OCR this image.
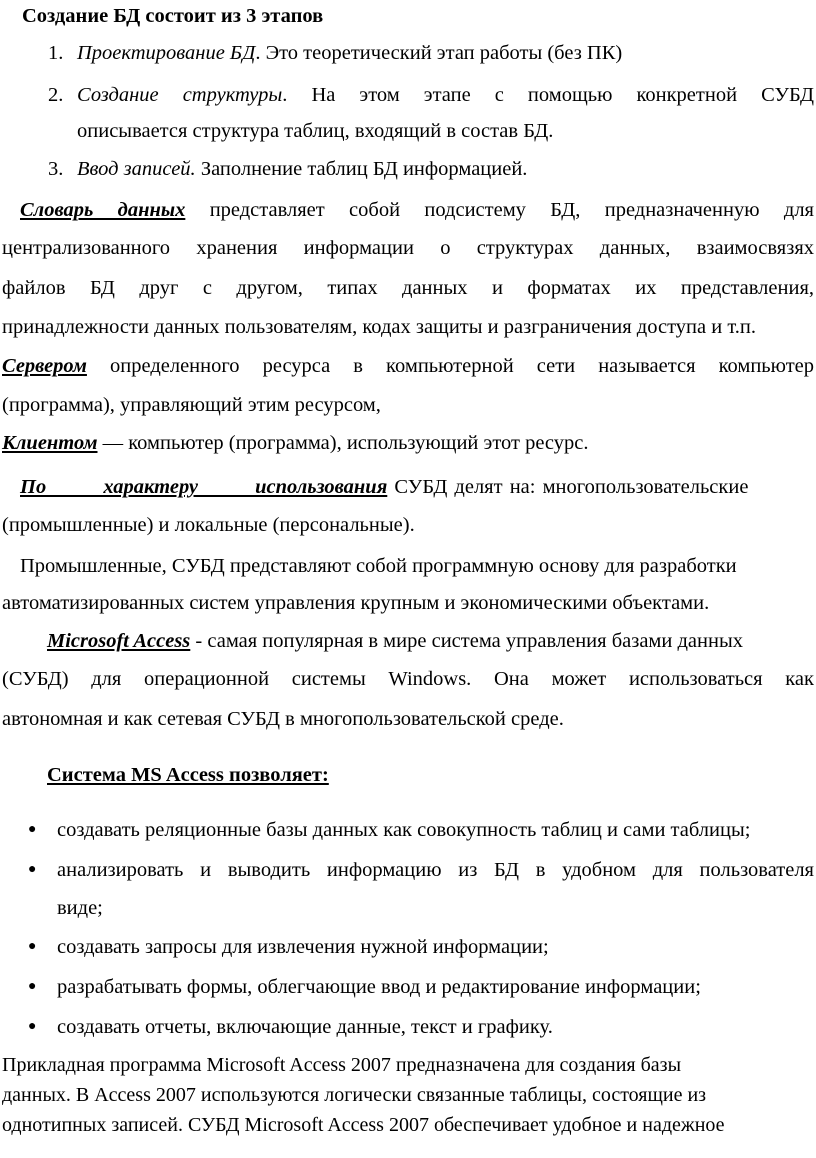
Создание БД состоит из 3 этапов
1. Проектирование БД. Это теоретический этап работы (без ПК)
2. Создание структуры. На этом этапе с помощью конкретной СУБД
описывается структура таблиц, входящий в состав БД.
3. Ввод записей. Заполнение таблиц БД информацией.
Словарь данных представляет собой подсистему БД, предназначенную для
централизованного хранения информации о структурах данных, взаимосвязях
файлов БД друг с другом, типах данных и форматах их представления,
принадлежности данных пользователям, кодах защиты и разграничения доступа и т.п.
Сервером определенного ресурса в компьютерной сети называется компьютер
(программа), управляющий этим ресурсом,
Клиентом — компьютер (программа), использующий этот ресурс.
По характеру использования СУБД делят на: многопользовательские
(промышленные) и локальные (персональные).
Промышленные, СУБД представляют собой программную основу для разработки
автоматизированных систем управления крупным и экономическими объектами.
Microsoft Access - самая популярная в мире система управления базами данных
(СУБД) для операционной системы Windows. Она может использоваться как
автономная и как сетевая СУБД в многопользовательской среде.
Система MS Access позволяет:
● создавать реляционные базы данных как совокупность таблиц и сами таблицы;
● анализировать и выводить информацию из БД в удобном для пользователя
виде;
● создавать запросы для извлечения нужной информации;
● разрабатывать формы, облегчающие ввод и редактирование информации;
● создавать отчеты, включающие данные, текст и графику.
Прикладная программа Microsoft Access 2007 предназначена для создания базы
данных. В Access 2007 используются логически связанные таблицы, состоящие из
однотипных записей. СУБД Microsoft Access 2007 обеспечивает удобное и надежное
